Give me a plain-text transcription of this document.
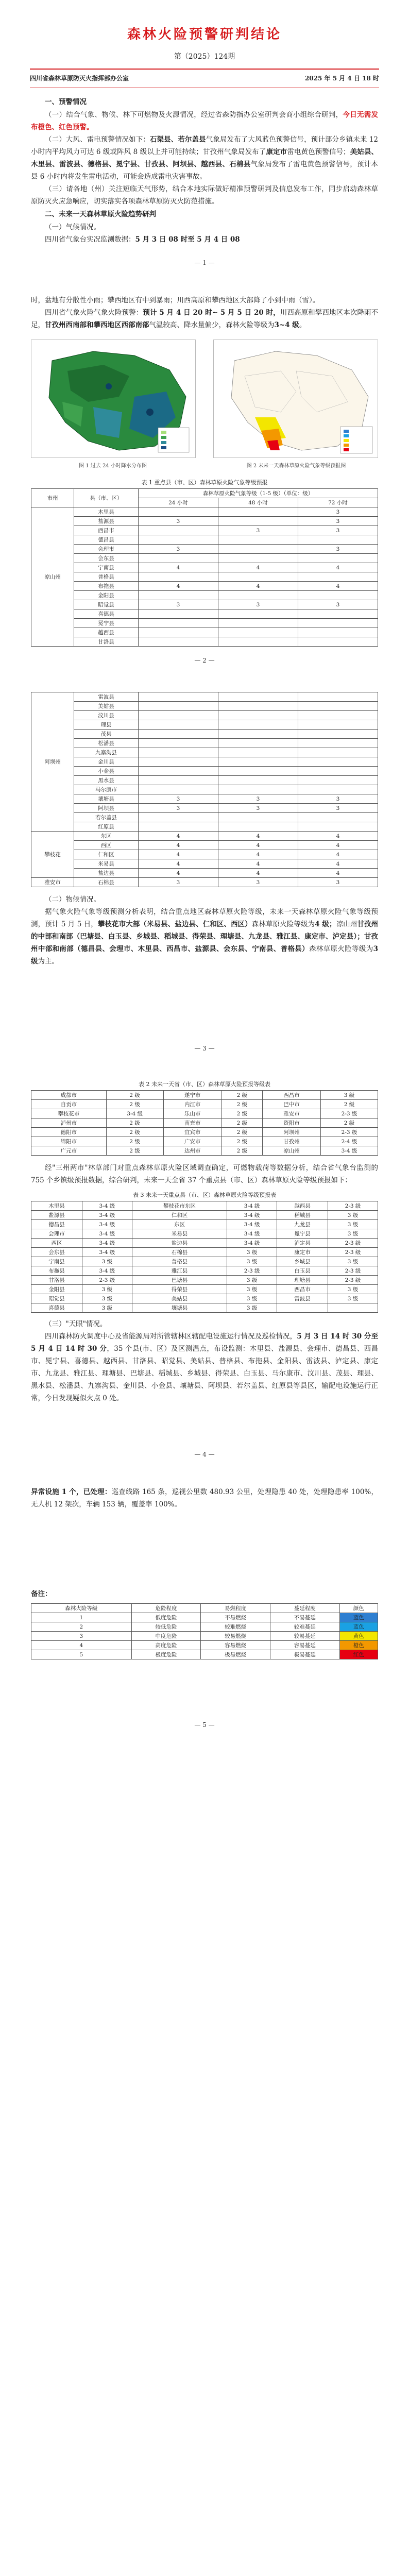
森林火险预警研判结论
第（2025）124期
四川省森林草原防灭火指挥部办公室	2025 年 5 月 4 日 18 时

一、预警情况

（一）结合气象、物候、林下可燃物及火源情况，经过省森防指办公室研判会商小组综合研判，今日无需发布橙色、红色预警。

（二）大风、雷电预警情况如下：石渠县、若尔盖县气象局发布了大风蓝色预警信号，预计部分乡镇未来 12 小时内平均风力可达 6 级或阵风 8 级以上并可能持续；甘孜州气象局发布了康定市雷电黄色预警信号；美姑县、木里县、雷波县、德格县、冕宁县、甘孜县、阿坝县、越西县、石棉县气象局发布了雷电黄色预警信号，预计本县 6 小时内将发生雷电活动，可能会造成雷电灾害事故。

（三）请各地（州）关注短临天气形势，结合本地实际做好精准预警研判及信息发布工作，同步启动森林草原防灭火应急响应，切实落实各项森林草原防灭火防范措施。

二、未来一天森林草原火险趋势研判

（一）气候情况。

四川省气象台实况监测数据：5 月 3 日 08 时至 5 月 4 日 08

— 1 —

时，盆地有分散性小雨；攀西地区有中到暴雨；川西高原和攀西地区大部降了小到中雨（雪）。

四川省气象火险气象火险预警：预计 5 月 4 日 20 时~ 5 月 5 日 20 时，川西高原和攀西地区本次降雨不足，甘孜州西南部和攀西地区西部南部气温较高、降水量偏少，森林火险等级为3~4 级。

图 1 过去 24 小时降水分布图	图 2 未来一天森林草原火险气象等级预报图
表 1 重点县（市、区）森林草原火险气象等级预报
市州	县（市、区）	森林草原火险气象等级（1-5 级）（单位：级）		
		24 小时	48 小时	72 小时
凉山州	木里县			3
	盐源县	3		3
	西昌市		3	3
	德昌县			
	会理市	3		3
	会东县			
	宁南县	4	4	4
	普格县			
	布拖县	4	4	4
	金阳县			
	昭觉县	3	3	3
	喜德县			
	冕宁县			
	越西县			
	甘洛县			
— 2 —
阿坝州	雷波县			
	美姑县			
	汶川县			
	理县			
	茂县			
	松潘县			
	九寨沟县			
	金川县			
	小金县			
	黑水县			
	马尔康市			
	壤塘县	3	3	3
	阿坝县	3	3	3
	若尔盖县			
	红原县			
攀枝花	东区	4	4	4
	西区	4	4	4
	仁和区	4	4	4
	米易县	4	4	4
	盐边县	4	4	4
雅安市	石棉县	3	3	3

（二）物候情况。

据气象火险气象等级预测分析表明，结合重点地区森林草原火险等级，未来一天森林草原火险气象等级预测，预计 5 月 5 日，攀枝花市大部（米易县、盐边县、仁和区、西区）森林草原火险等级为4 级；凉山州甘孜州的中部和南部（巴塘县、白玉县、乡城县、稻城县、得荣县、理塘县、九龙县、雅江县、康定市、泸定县）；甘孜州中部和南部（德昌县、会理市、木里县、西昌市、盐源县、会东县、宁南县、普格县）森林草原火险等级为3 级为主。

— 3 —
表 2 未来一天省（市、区）森林草原火险预报等级表
成都市	2 级	遂宁市	2 级	西昌市	3 级
自贡市	2 级	内江市	2 级	巴中市	2 级
攀枝花市	3-4 级	乐山市	2 级	雅安市	2-3 级
泸州市	2 级	南充市	2 级	资阳市	2 级
德阳市	2 级	宜宾市	2 级	阿坝州	2-3 级
绵阳市	2 级	广安市	2 级	甘孜州	2-4 级
广元市	2 级	达州市	2 级	凉山州	3-4 级

经"三州两市"林草部门对重点森林草原火险区域调查确定，可燃物载荷等数据分析，结合省气象台监测的 755 个乡镇级预报数据，综合研判，未来一天全省 37 个重点县（市、区）森林草原火险等级预报如下：

表 3 未来一天重点县（市、区）森林草原火险等级预报表
木里县	3-4 级	攀枝花市东区	3-4 级	越西县	2-3 级
盐源县	3-4 级	仁和区	3-4 级	稻城县	3 级
德昌县	3-4 级	东区	3-4 级	九龙县	3 级
会理市	3-4 级	米易县	3-4 级	冕宁县	3 级
西区	3-4 级	盐边县	3-4 级	泸定县	2-3 级
会东县	3-4 级	石棉县	3 级	康定市	2-3 级
宁南县	3 级	普格县	3 级	乡城县	3 级
布拖县	3-4 级	雅江县	2-3 级	白玉县	2-3 级
甘洛县	2-3 级	巴塘县	3 级	理塘县	2-3 级
金阳县	3 级	得荣县	3 级	西昌市	3 级
昭觉县	3 级	美姑县	3 级	雷波县	3 级
喜德县	3 级	壤塘县	3 级		

（三）"天眼"情况。

四川森林防火调度中心及省能源局对所管辖林区辖配电设施运行情况及巡检情况，5 月 3 日 14 时 30 分至 5 月 4 日 14 时 30 分，35 个县(市、区）及区测温点，布设监测：木里县、盐源县、会理市、德昌县、西昌市、冕宁县、喜德县、越西县、甘洛县、昭觉县、美姑县、普格县、布拖县、金阳县、雷波县、泸定县、康定市、九龙县、雅江县、理塘县、巴塘县、稻城县、乡城县、得荣县、白玉县、马尔康市、汶川县、茂县、理县、黑水县、松潘县、九寨沟县、金川县、小金县、壤塘县、阿坝县、若尔盖县、红原县等县区，输配电设施运行正常，今日发现疑似火点 0 处。

— 4 —

异常设施 1 个，已处理：巡查线路 165 条，巡视公里数 480.93 公里，处理隐患 40 处，处理隐患率 100%，无人机 12 架次，车辆 153 辆，覆盖率 100%。

备注：

森林火险等级	危险程度	易燃程度	蔓延程度	颜色
1	低度危险	不易燃烧	不易蔓延	蓝色
2	较低危险	较难燃烧	较难蔓延	蓝色
3	中度危险	较易燃烧	较易蔓延	黄色
4	高度危险	容易燃烧	容易蔓延	橙色
5	极度危险	极易燃烧	极易蔓延	红色
— 5 —
